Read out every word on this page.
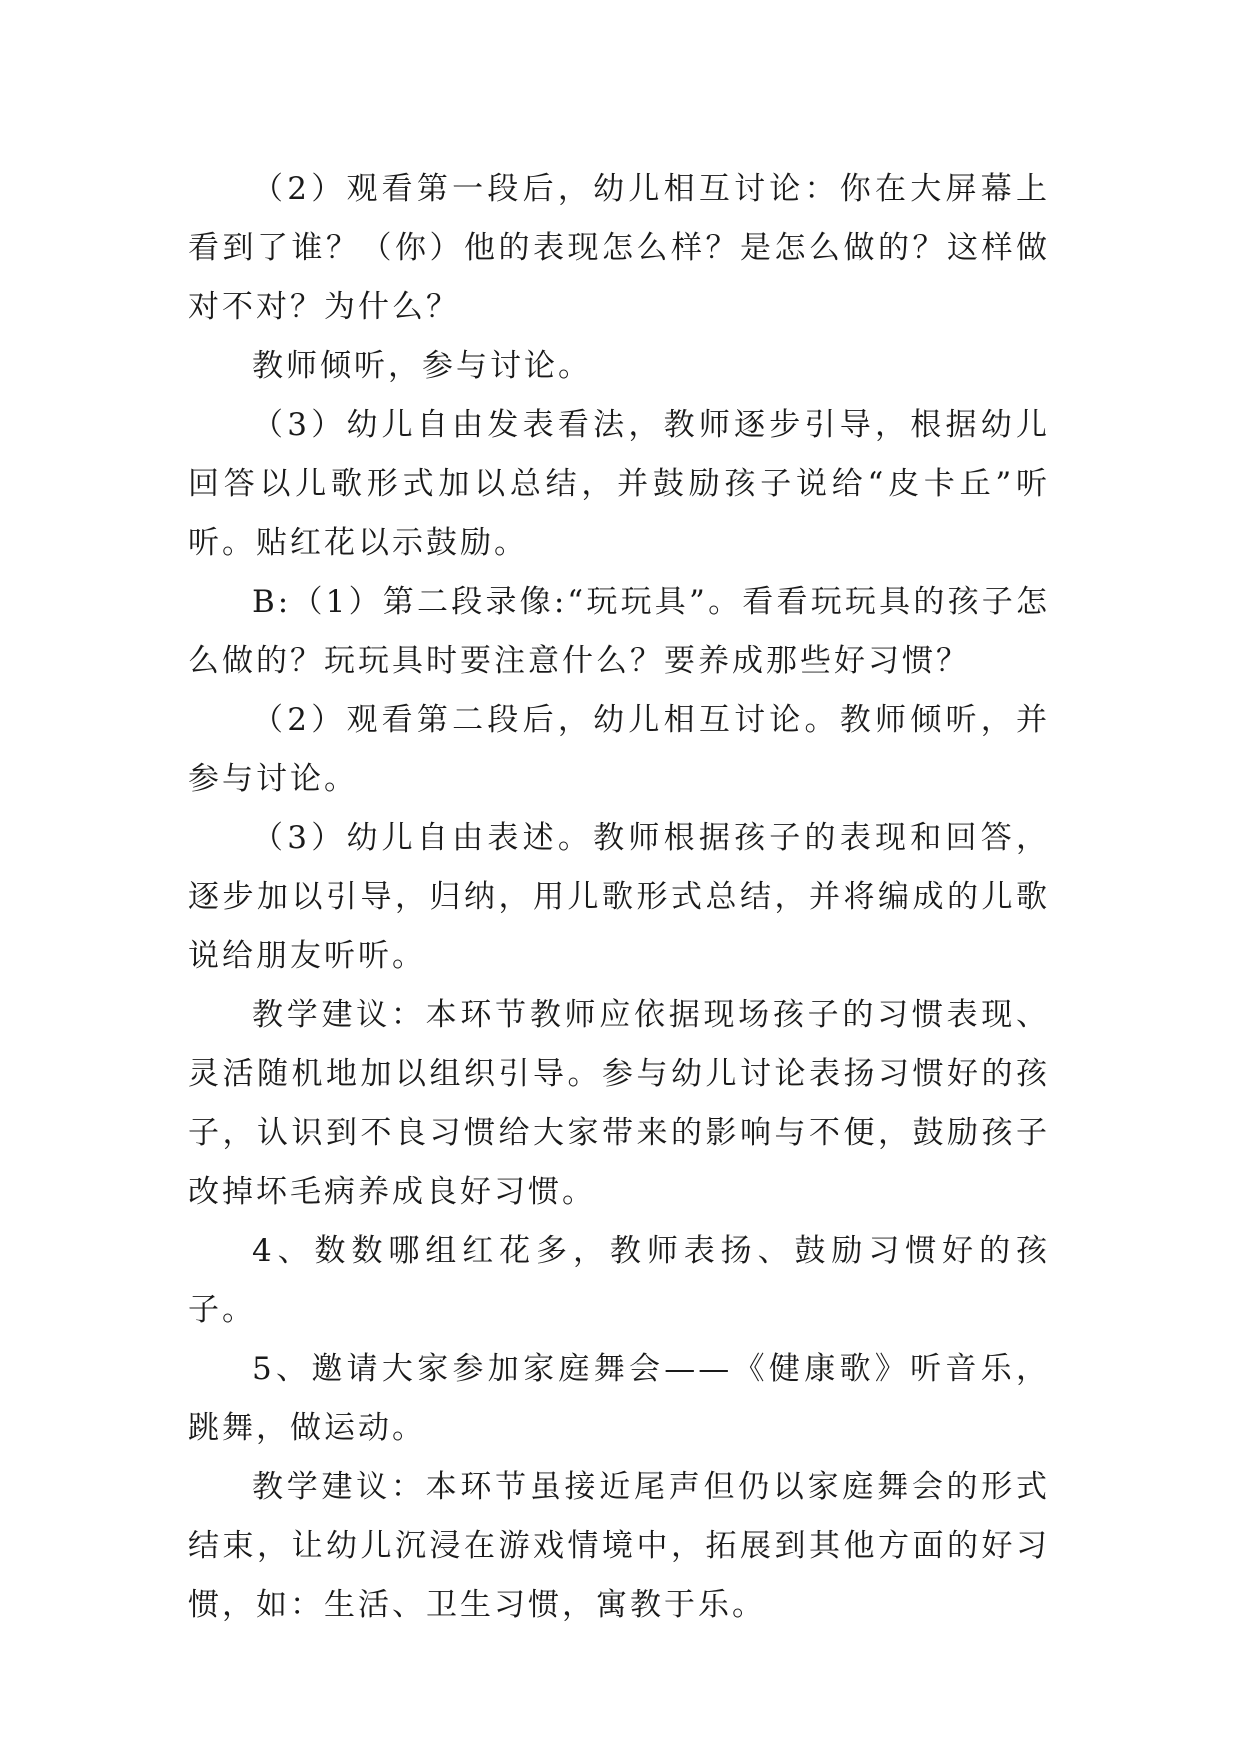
（2）观看第一段后，幼儿相互讨论：你在大屏幕上看到了谁？（你）他的表现怎么样？是怎么做的？这样做对不对？为什么？

教师倾听，参与讨论。

（3）幼儿自由发表看法，教师逐步引导，根据幼儿回答以儿歌形式加以总结，并鼓励孩子说给“皮卡丘”听听。贴红花以示鼓励。

B:（1）第二段录像:“玩玩具”。看看玩玩具的孩子怎么做的？玩玩具时要注意什么？要养成那些好习惯？

（2）观看第二段后，幼儿相互讨论。教师倾听，并参与讨论。

（3）幼儿自由表述。教师根据孩子的表现和回答，逐步加以引导，归纳，用儿歌形式总结，并将编成的儿歌说给朋友听听。

教学建议：本环节教师应依据现场孩子的习惯表现、灵活随机地加以组织引导。参与幼儿讨论表扬习惯好的孩子，认识到不良习惯给大家带来的影响与不便，鼓励孩子改掉坏毛病养成良好习惯。

4、数数哪组红花多，教师表扬、鼓励习惯好的孩子。

5、邀请大家参加家庭舞会——《健康歌》听音乐，跳舞，做运动。

教学建议：本环节虽接近尾声但仍以家庭舞会的形式结束，让幼儿沉浸在游戏情境中，拓展到其他方面的好习惯，如：生活、卫生习惯，寓教于乐。
